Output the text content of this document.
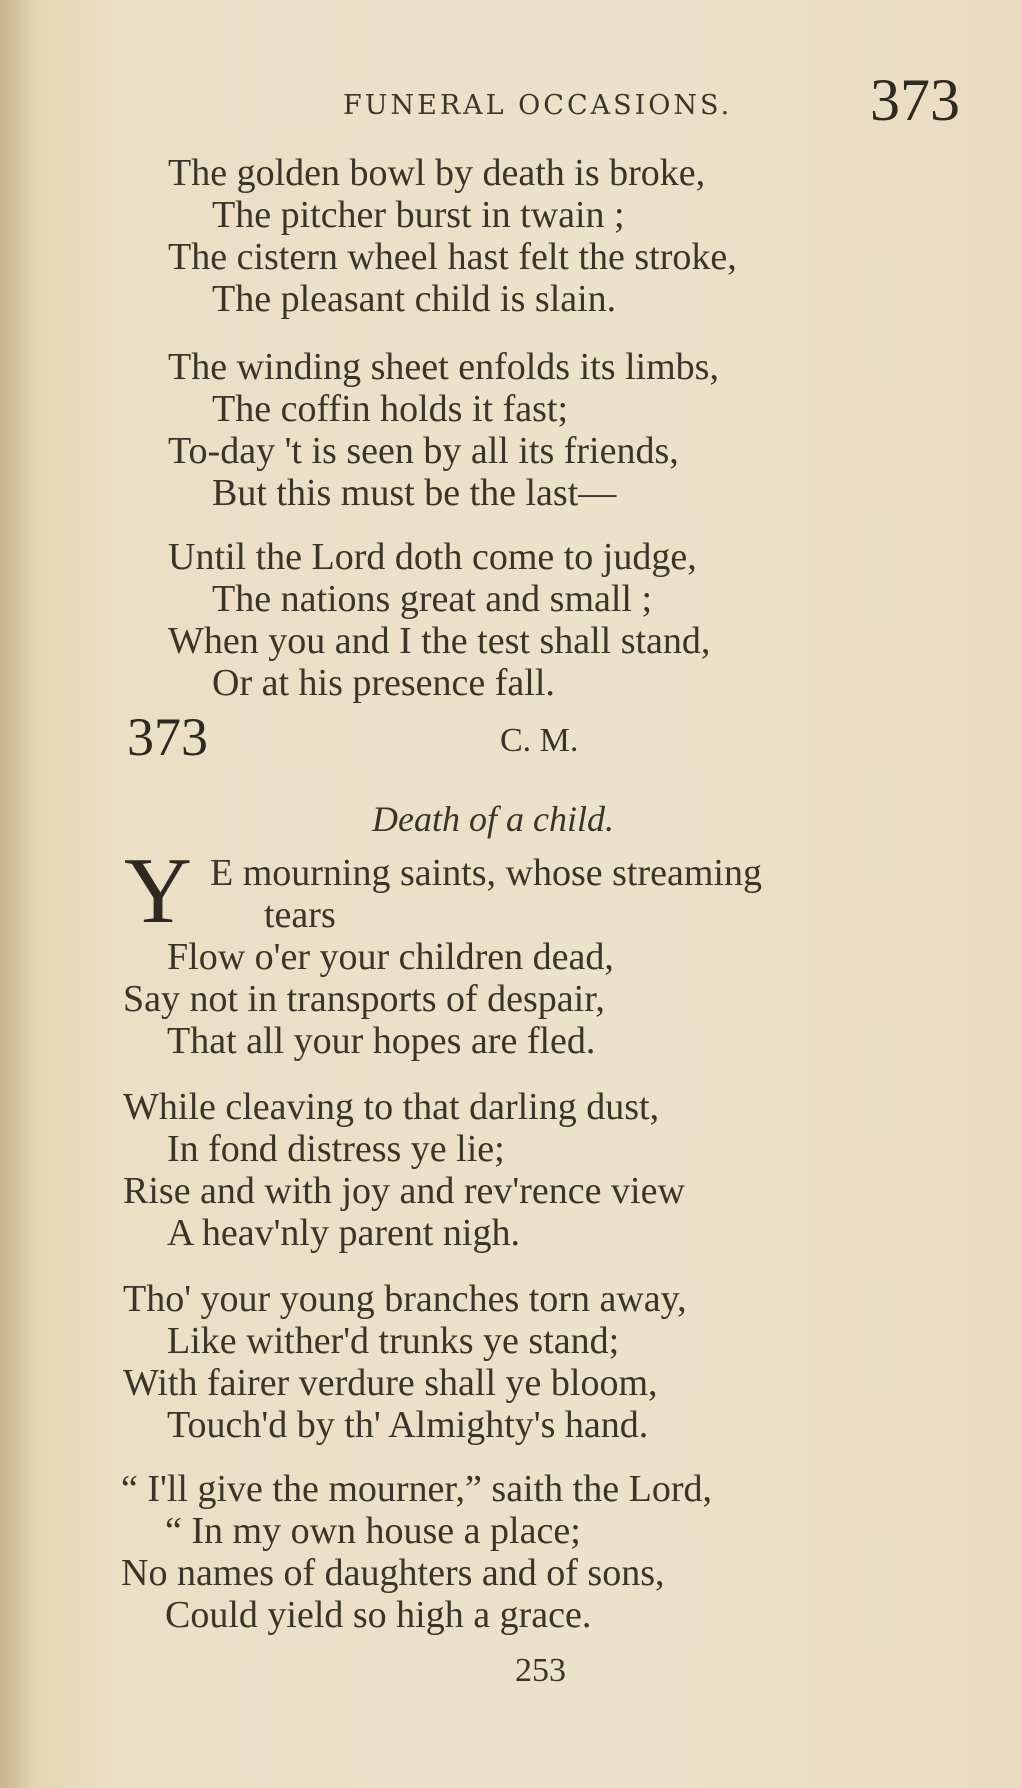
FUNERAL OCCASIONS. 373
The golden bowl by death is broke,
The pitcher burst in twain ;
The cistern wheel hast felt the stroke,
The pleasant child is slain.
The winding sheet enfolds its limbs,
The coffin holds it fast;
To-day 't is seen by all its friends,
But this must be the last—
Until the Lord doth come to judge,
The nations great and small ;
When you and I the test shall stand,
Or at his presence fall.
373	C. M.
Death of a child.
Y E mourning saints, whose streaming
tears
Flow o'er your children dead,
Say not in transports of despair,
That all your hopes are fled.
While cleaving to that darling dust,
In fond distress ye lie;
Rise and with joy and rev'rence view
A heav'nly parent nigh.
Tho' your young branches torn away,
Like wither'd trunks ye stand;
With fairer verdure shall ye bloom,
Touch'd by th' Almighty's hand.
“ I'll give the mourner,” saith the Lord,
“ In my own house a place;
No names of daughters and of sons,
Could yield so high a grace.
253
